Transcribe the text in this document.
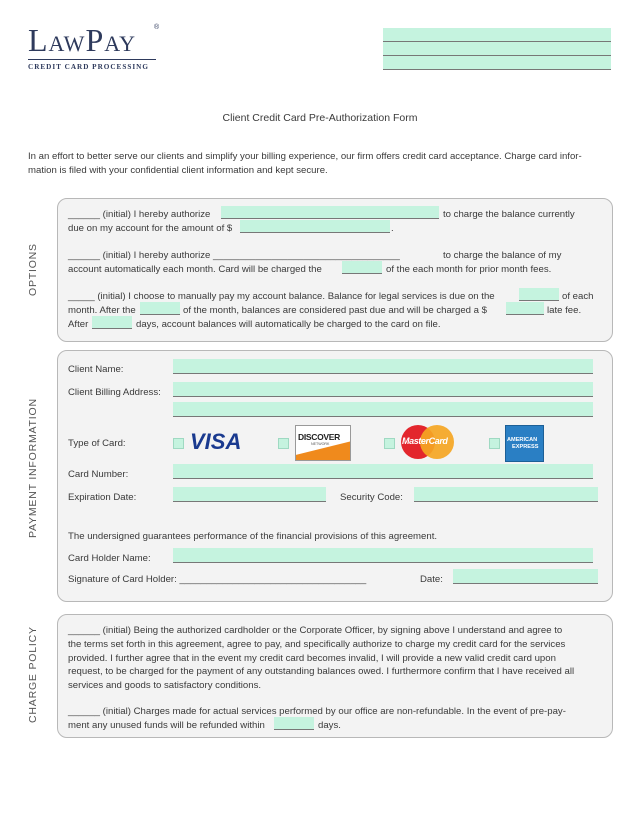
LawPay	®
CREDIT CARD PROCESSING
Client Credit Card Pre-Authorization Form
In an effort to better serve our clients and simplify your billing experience, our firm offers credit card acceptance. Charge card infor-
mation is filed with your confidential client information and kept secure.
OPTIONS
______ (initial) I hereby authorize	to charge the balance currently
due on my account for the amount of $	.
______ (initial) I hereby authorize ___________________________________	to charge the balance of my
account automatically each month. Card will be charged the	of the each month for prior month fees.
_____ (initial) I choose to manually pay my account balance. Balance for legal services is due on the	of each
month. After the	of the month, balances are considered past due and will be charged a $	late fee.
After	days, account balances will automatically be charged to the card on file.
PAYMENT INFORMATION
Client Name:
Client Billing Address:
Type of Card:	VISA	DISCOVER
NETWORK	MasterCard	AMERICAN
EXPRESS
Card Number:
Expiration Date:	Security Code:
The undersigned guarantees performance of the financial provisions of this agreement.
Card Holder Name:
Signature of Card Holder: ___________________________________	Date:
CHARGE POLICY	______ (initial) Being the authorized cardholder or the Corporate Officer, by signing above I understand and agree to
the terms set forth in this agreement, agree to pay, and specifically authorize to charge my credit card for the services
provided. I further agree that in the event my credit card becomes invalid, I will provide a new valid credit card upon
request, to be charged for the payment of any outstanding balances owed. I furthermore confirm that I have received all
services and goods to satisfactory conditions.
______ (initial) Charges made for actual services performed by our office are non-refundable. In the event of pre-pay-
ment any unused funds will be refunded within	days.
